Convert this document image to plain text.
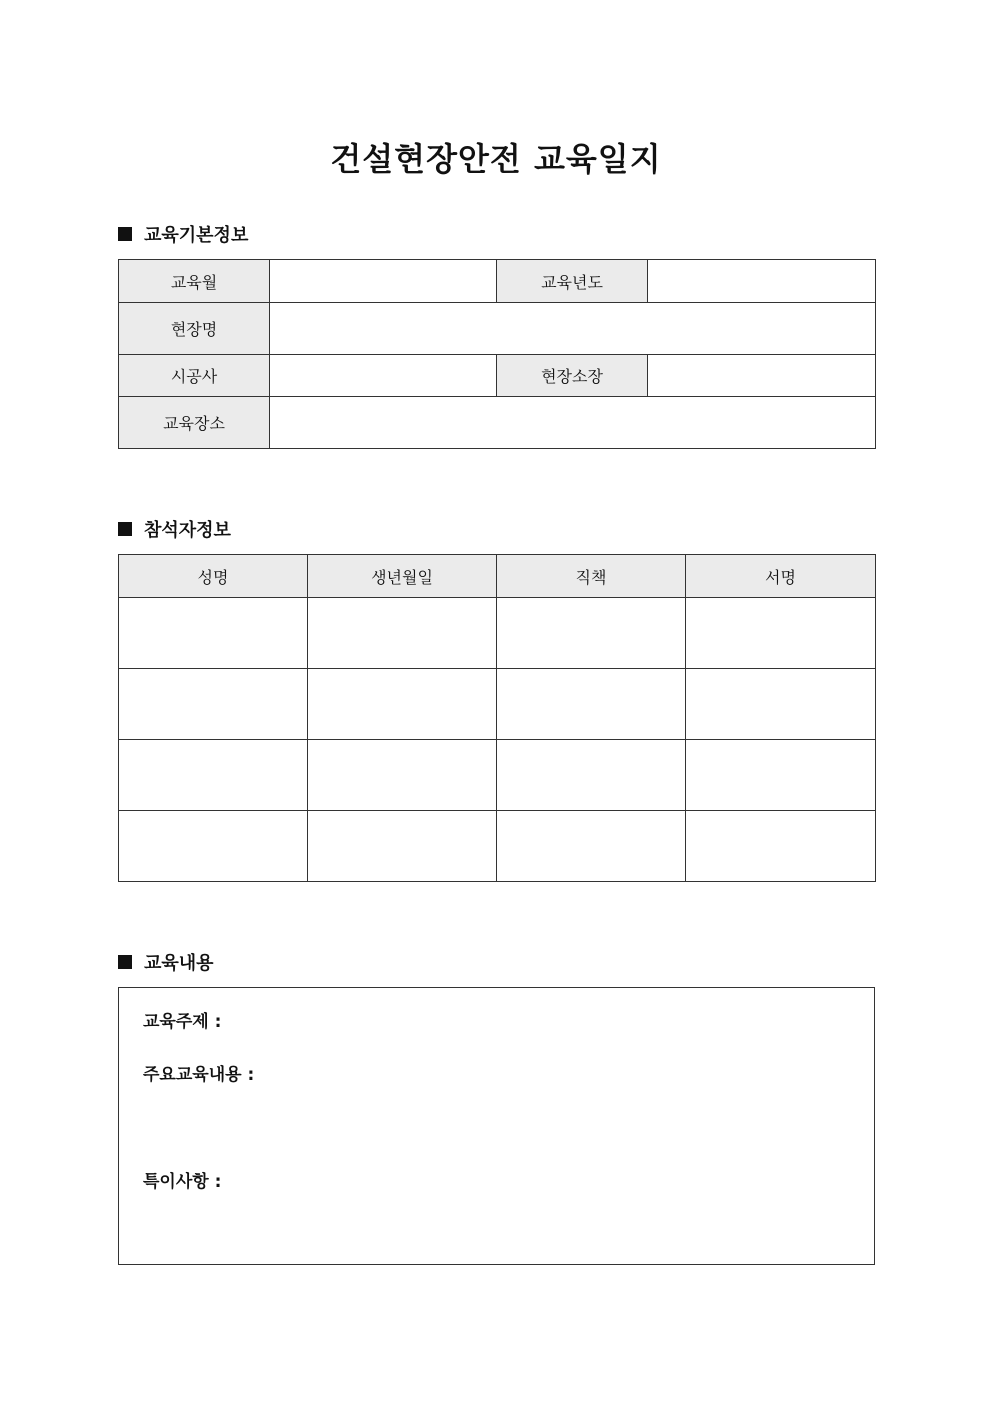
건설현장안전 교육일지
교육기본정보
교육월		교육년도	
현장명			
시공사		현장소장	
교육장소			
참석자정보
성명	생년월일	직책	서명

교육내용
교육주제 :
주요교육내용 :
특이사항 :
